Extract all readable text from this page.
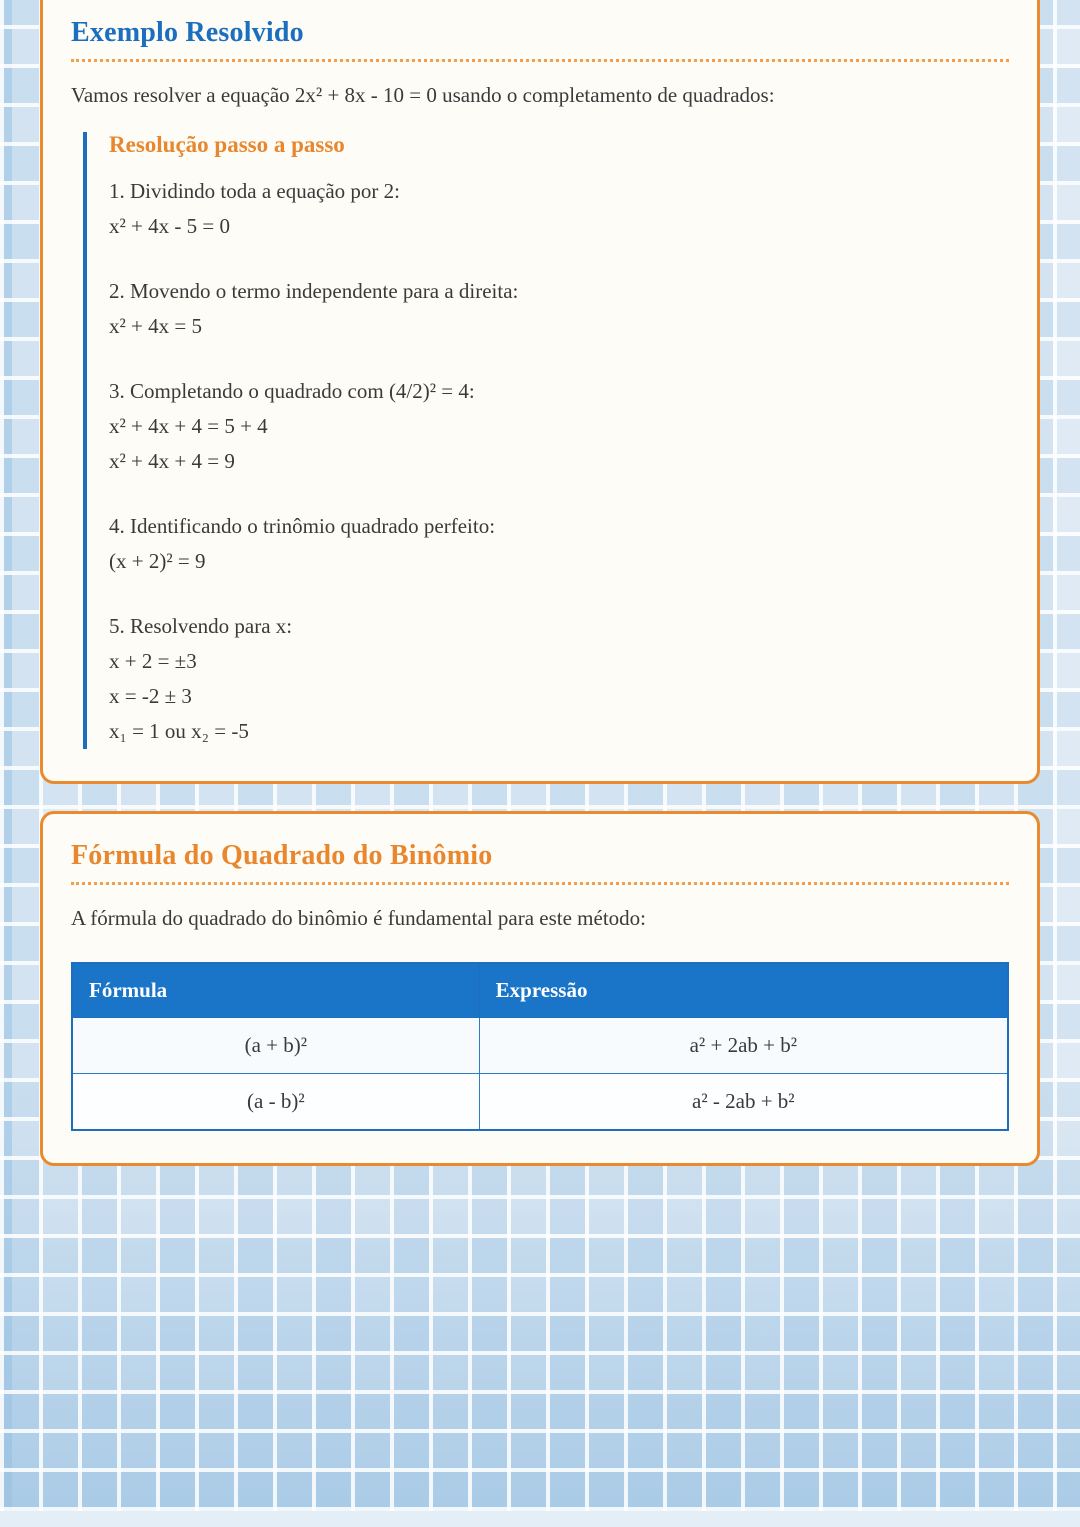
Exemplo Resolvido

Vamos resolver a equação 2x² + 8x - 10 = 0 usando o completamento de quadrados:

Resolução passo a passo
1. Dividindo toda a equação por 2:
x² + 4x - 5 = 0
2. Movendo o termo independente para a direita:
x² + 4x = 5
3. Completando o quadrado com (4/2)² = 4:
x² + 4x + 4 = 5 + 4
x² + 4x + 4 = 9
4. Identificando o trinômio quadrado perfeito:
(x + 2)² = 9
5. Resolvendo para x:
x + 2 = ±3
x = -2 ± 3
x₁ = 1 ou x₂ = -5
Fórmula do Quadrado do Binômio

A fórmula do quadrado do binômio é fundamental para este método:

Fórmula	Expressão
(a + b)²	a² + 2ab + b²
(a - b)²	a² - 2ab + b²
